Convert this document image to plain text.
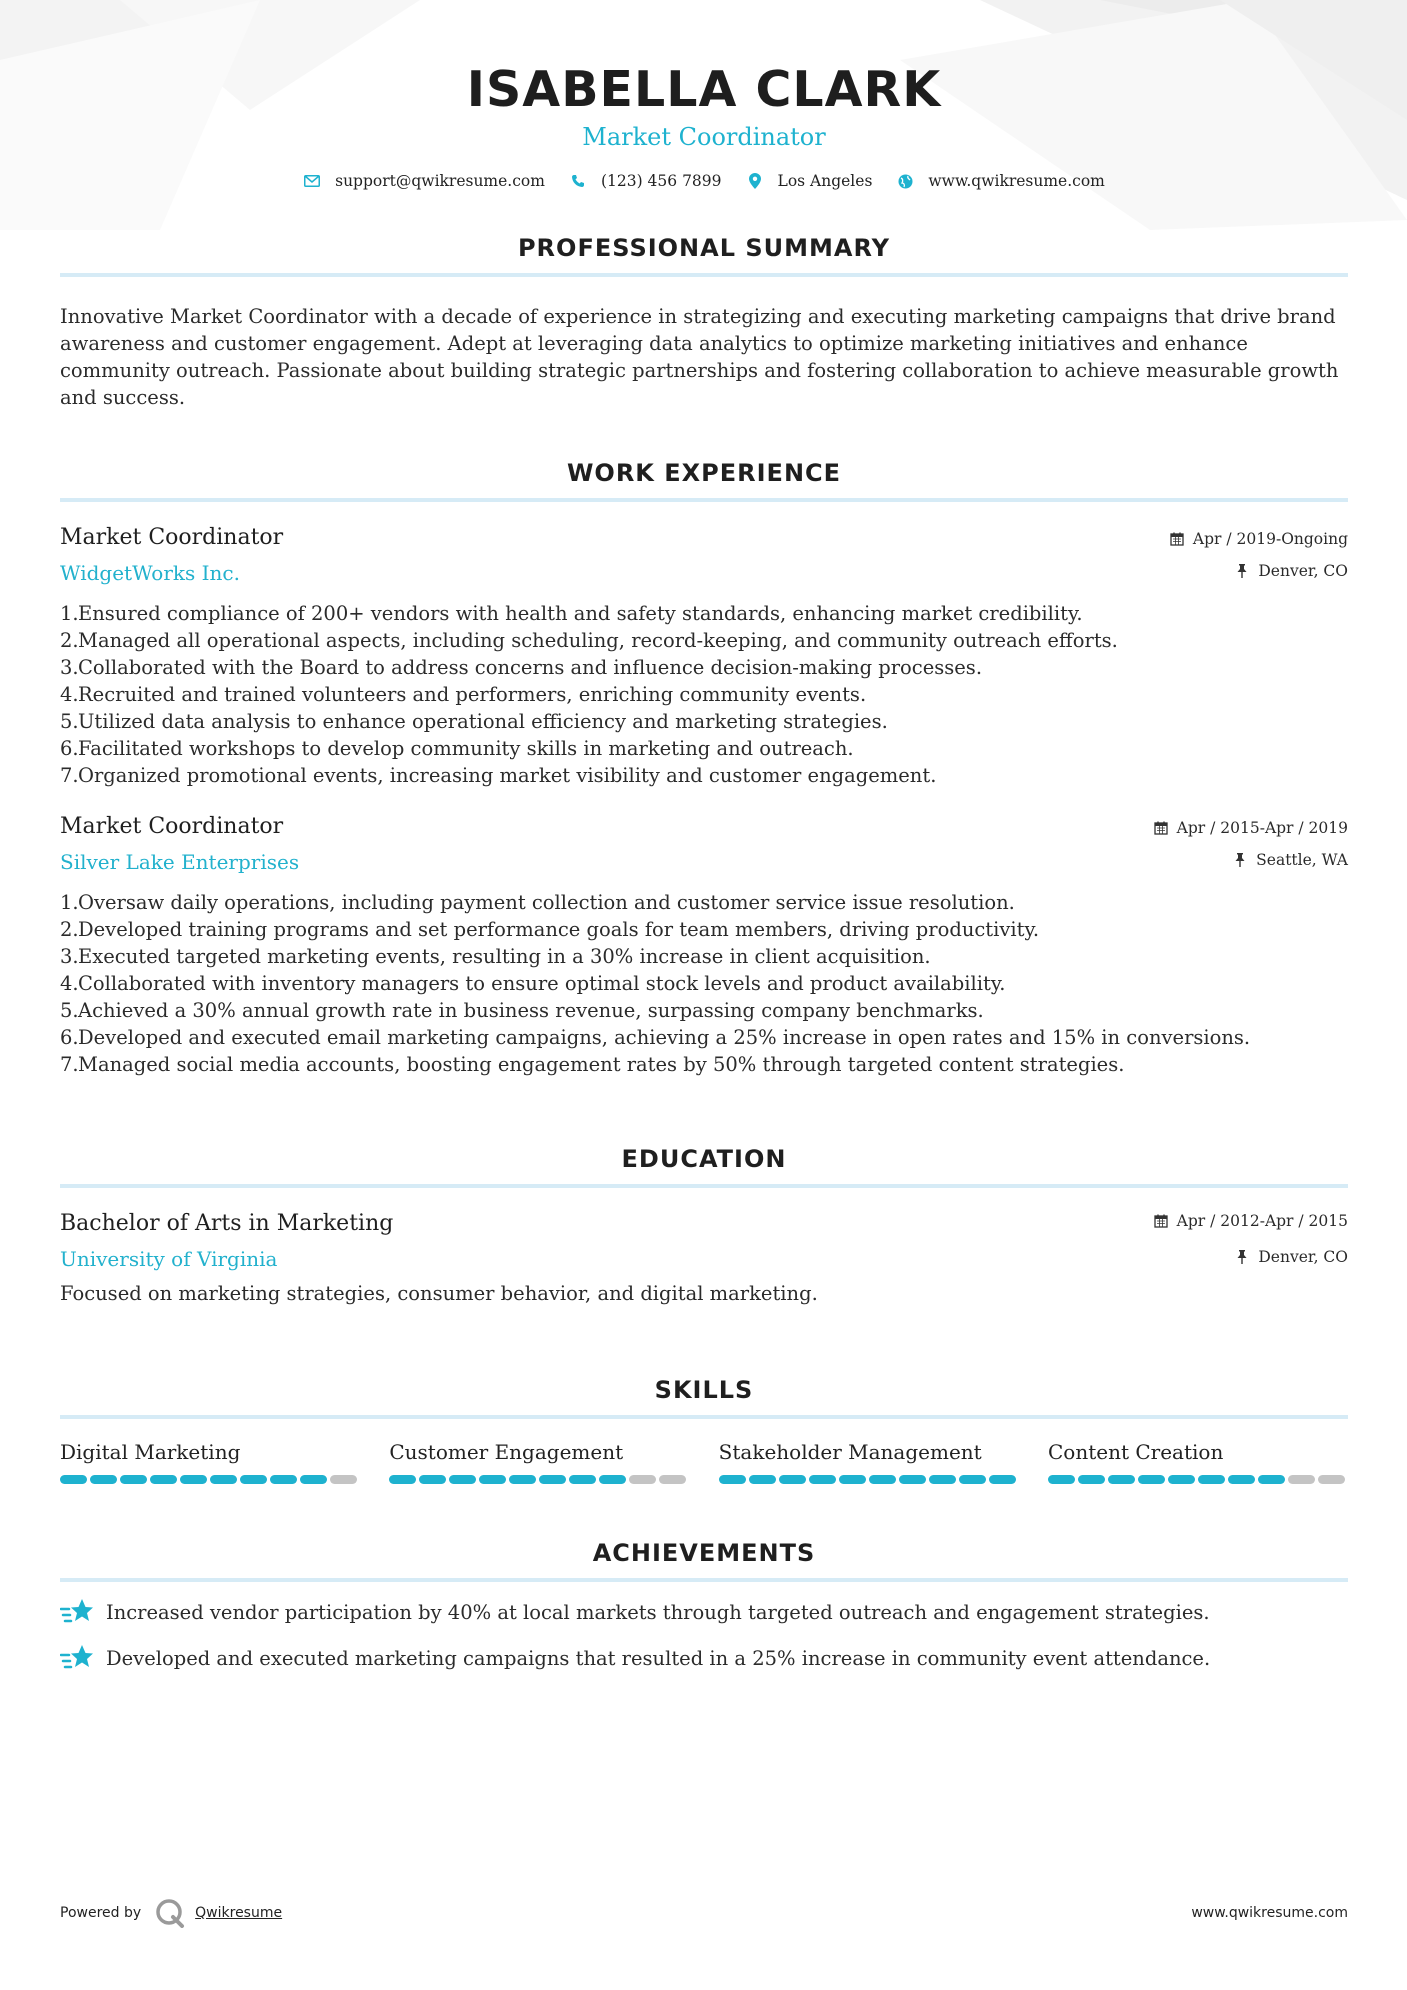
ISABELLA CLARK
Market Coordinator
support@qwikresume.com	(123) 456 7899	Los Angeles	www.qwikresume.com
PROFESSIONAL SUMMARY

Innovative Market Coordinator with a decade of experience in strategizing and executing marketing campaigns that drive brand awareness and customer engagement. Adept at leveraging data analytics to optimize marketing initiatives and enhance community outreach. Passionate about building strategic partnerships and fostering collaboration to achieve measurable growth and success.

WORK EXPERIENCE
Market Coordinator
WidgetWorks Inc.
Apr / 2019-Ongoing
Denver, CO
1. Ensured compliance of 200+ vendors with health and safety standards, enhancing market credibility.
2. Managed all operational aspects, including scheduling, record-keeping, and community outreach efforts.
3. Collaborated with the Board to address concerns and influence decision-making processes.
4. Recruited and trained volunteers and performers, enriching community events.
5. Utilized data analysis to enhance operational efficiency and marketing strategies.
6. Facilitated workshops to develop community skills in marketing and outreach.
7. Organized promotional events, increasing market visibility and customer engagement.
Market Coordinator
Silver Lake Enterprises
Apr / 2015-Apr / 2019
Seattle, WA
1. Oversaw daily operations, including payment collection and customer service issue resolution.
2. Developed training programs and set performance goals for team members, driving productivity.
3. Executed targeted marketing events, resulting in a 30% increase in client acquisition.
4. Collaborated with inventory managers to ensure optimal stock levels and product availability.
5. Achieved a 30% annual growth rate in business revenue, surpassing company benchmarks.
6. Developed and executed email marketing campaigns, achieving a 25% increase in open rates and 15% in conversions.
7. Managed social media accounts, boosting engagement rates by 50% through targeted content strategies.
EDUCATION
Bachelor of Arts in Marketing
University of Virginia
Apr / 2012-Apr / 2015
Denver, CO

Focused on marketing strategies, consumer behavior, and digital marketing.

SKILLS
Digital Marketing	Customer Engagement	Stakeholder Management	Content Creation
ACHIEVEMENTS
Increased vendor participation by 40% at local markets through targeted outreach and engagement strategies.
Developed and executed marketing campaigns that resulted in a 25% increase in community event attendance.
Powered by	Qwikresume	www.qwikresume.com
